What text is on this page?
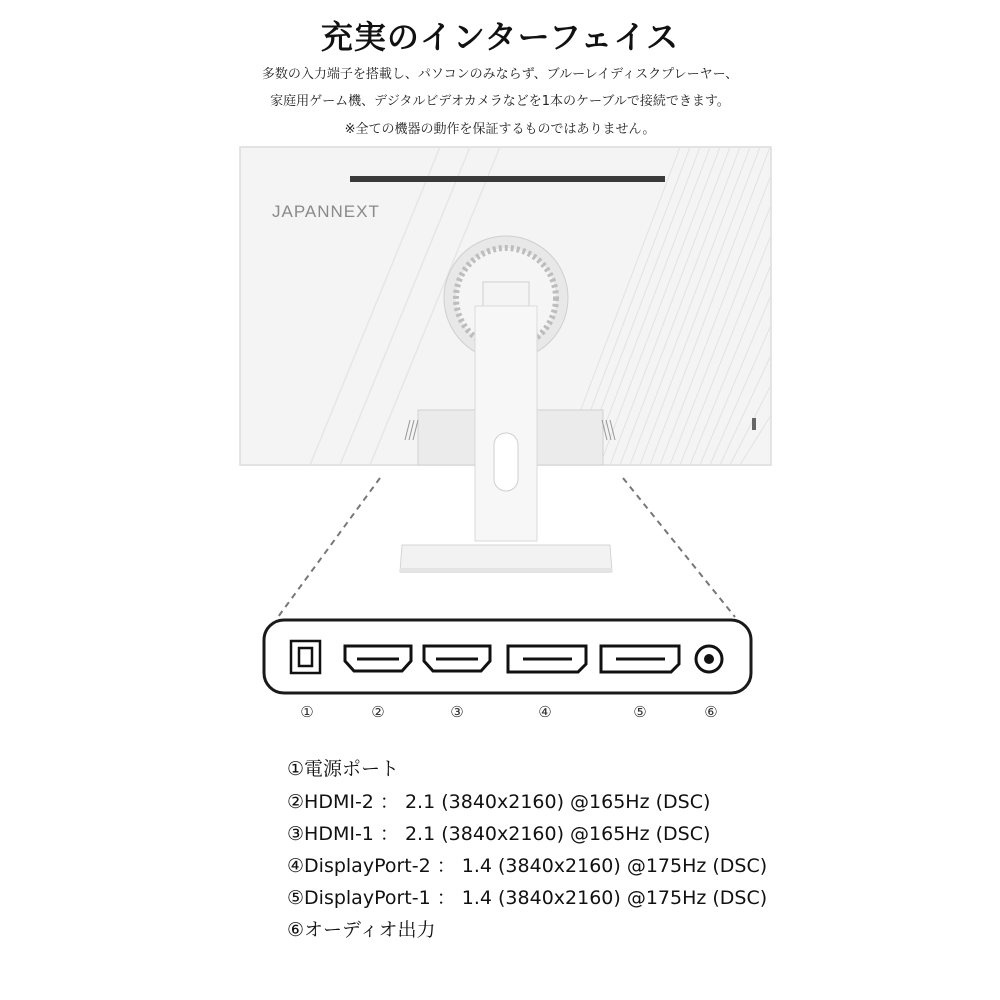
充実のインターフェイス
多数の入力端子を搭載し、パソコンのみならず、ブルーレイディスクプレーヤー、
家庭用ゲーム機、デジタルビデオカメラなどを1本のケーブルで接続できます。
※全ての機器の動作を保証するものではありません。
JAPANNEXT
①	②	③	④	⑤	⑥
①電源ポート
②HDMI-2 ： 2.1 (3840x2160) @165Hz (DSC)
③HDMI-1 ： 2.1 (3840x2160) @165Hz (DSC)
④DisplayPort-2 ： 1.4 (3840x2160) @175Hz (DSC)
⑤DisplayPort-1 ： 1.4 (3840x2160) @175Hz (DSC)
⑥オーディオ出力
